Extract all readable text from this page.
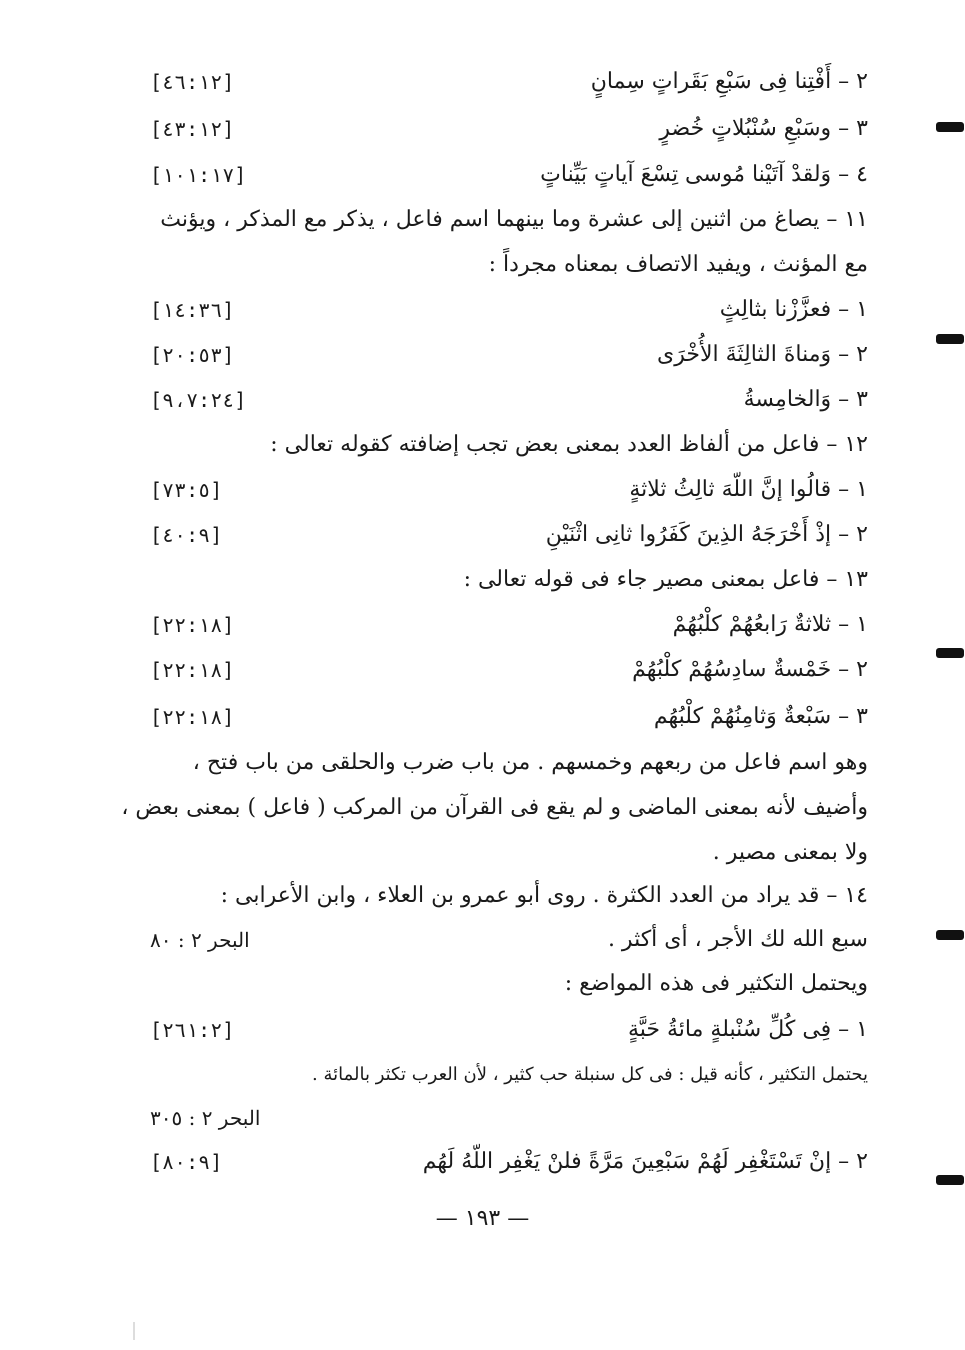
٢ – أَفْتِنا فِى سَبْعِ بَقَراتٍ سِمانٍ
[٤٦:١٢]
٣ – وسَبْعِ سُنْبُلاتٍ خُضرٍ
[٤٣:١٢]
٤ – وَلقدْ آتَيْنا مُوسى تِسْعَ آياتٍ بَيِّناتٍ
[١٠١:١٧]
١١ – يصاغ من اثنين إلى عشرة وما بينهما اسم فاعل ، يذكر مع المذكر ، ويؤنث
مع المؤنث ، ويفيد الاتصاف بمعناه مجرداً :
١ – فعزَّزْنا بثالِثٍ
[١٤:٣٦]
٢ – وَمناةَ الثالِثَةَ الأُخْرَى
[٢٠:٥٣]
٣ – وَالخامِسةُ
[٩،٧:٢٤]
١٢ – فاعل من ألفاظ العدد بمعنى بعض تجب إضافته كقوله تعالى :
١ – قالُوا إنَّ اللّهَ ثالِثُ ثلاثةٍ
[٧٣:٥]
٢ – إذْ أَخْرَجَهُ الذِينَ كَفَرُوا ثانِى اثْنَيْنِ
[٤٠:٩]
١٣ – فاعل بمعنى مصير جاء فى قوله تعالى :
١ – ثلاثةٌ رَابعُهُمْ كلْبُهُمْ
[٢٢:١٨]
٢ – خَمْسةٌ سادِسُهُمْ كلْبُهُمْ
[٢٢:١٨]
٣ – سَبْعةٌ وَثامِنُهُمْ كلْبُهُم
[٢٢:١٨]
وهو اسم فاعل من ربعهم وخمسهم . من باب ضرب والحلقى من باب فتح ،
وأضيف لأنه بمعنى الماضى و لم يقع فى القرآن من المركب ( فاعل ) بمعنى بعض ،
ولا بمعنى مصير .
١٤ – قد يراد من العدد الكثرة . روى أبو عمرو بن العلاء ، وابن الأعرابى :
سبع الله لك الأجر ، أى أكثر .
البحر ٢ : ٨٠
ويحتمل التكثير فى هذه المواضع :
١ – فِى كُلِّ سُنْبلةٍ مائةُ حَبَّةٍ
[٢٦١:٢]
يحتمل التكثير ، كأنه قيل : فى كل سنبلة حب كثير ، لأن العرب تكثر بالمائة .
البحر ٢ : ٣٠٥
٢ – إنْ تَسْتَغْفِر لَهُمْ سَبْعِينَ مَرَّةً فلنْ يَغْفِر اللّهُ لَهُم
[٨٠:٩]
— ١٩٣ —
